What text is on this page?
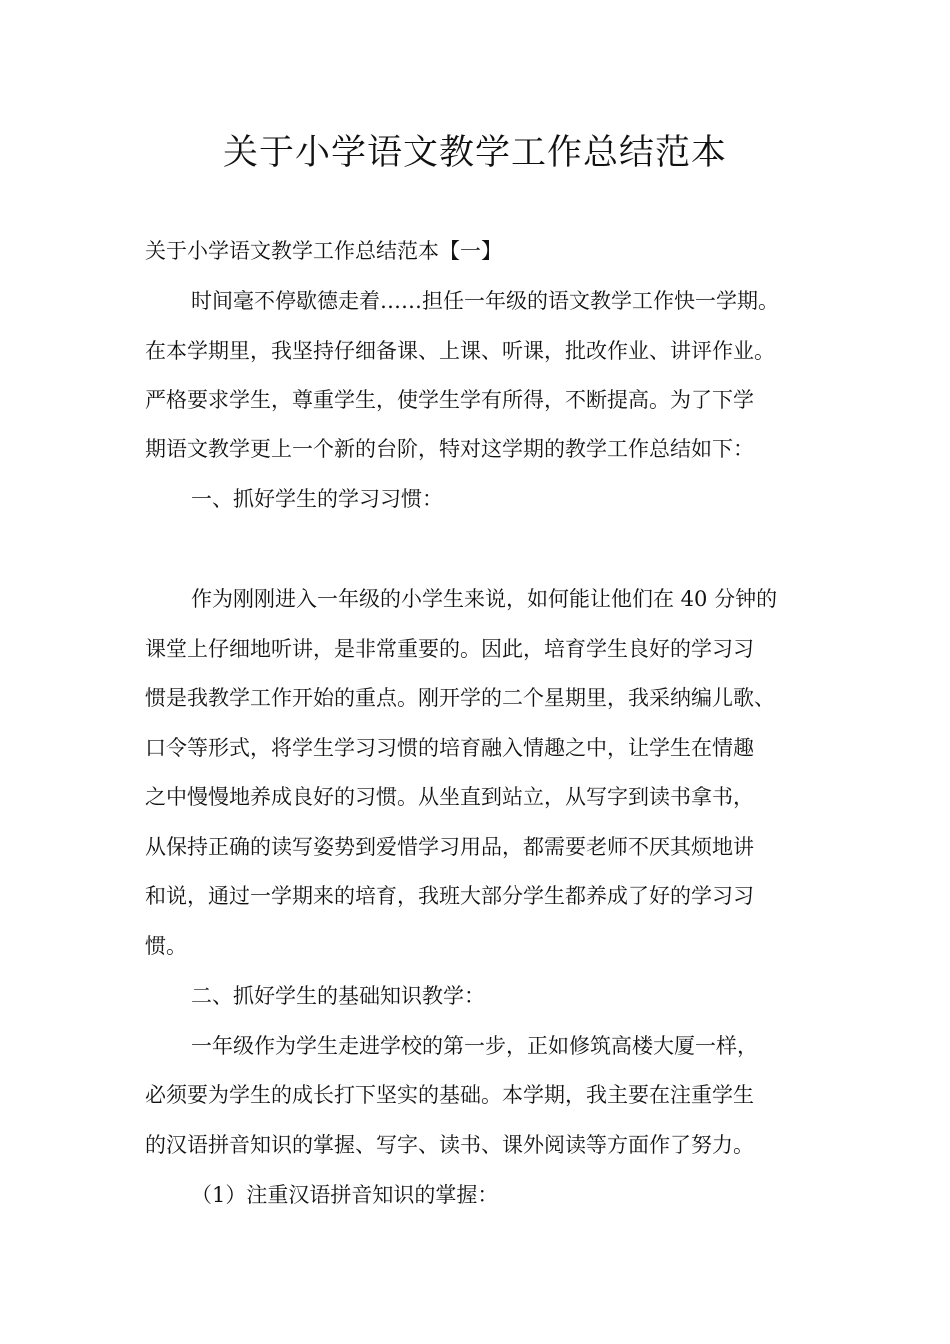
关于小学语文教学工作总结范本
关于小学语文教学工作总结范本【一】
时间毫不停歇德走着……担任一年级的语文教学工作快一学期。
在本学期里，我坚持仔细备课、上课、听课，批改作业、讲评作业。
严格要求学生，尊重学生，使学生学有所得，不断提高。为了下学
期语文教学更上一个新的台阶，特对这学期的教学工作总结如下：
一、抓好学生的学习习惯：
作为刚刚进入一年级的小学生来说，如何能让他们在 40 分钟的
课堂上仔细地听讲，是非常重要的。因此，培育学生良好的学习习
惯是我教学工作开始的重点。刚开学的二个星期里，我采纳编儿歌、
口令等形式，将学生学习习惯的培育融入情趣之中，让学生在情趣
之中慢慢地养成良好的习惯。从坐直到站立，从写字到读书拿书，
从保持正确的读写姿势到爱惜学习用品，都需要老师不厌其烦地讲
和说，通过一学期来的培育，我班大部分学生都养成了好的学习习
惯。
二、抓好学生的基础知识教学：
一年级作为学生走进学校的第一步，正如修筑高楼大厦一样，
必须要为学生的成长打下坚实的基础。本学期，我主要在注重学生
的汉语拼音知识的掌握、写字、读书、课外阅读等方面作了努力。
（1）注重汉语拼音知识的掌握：
